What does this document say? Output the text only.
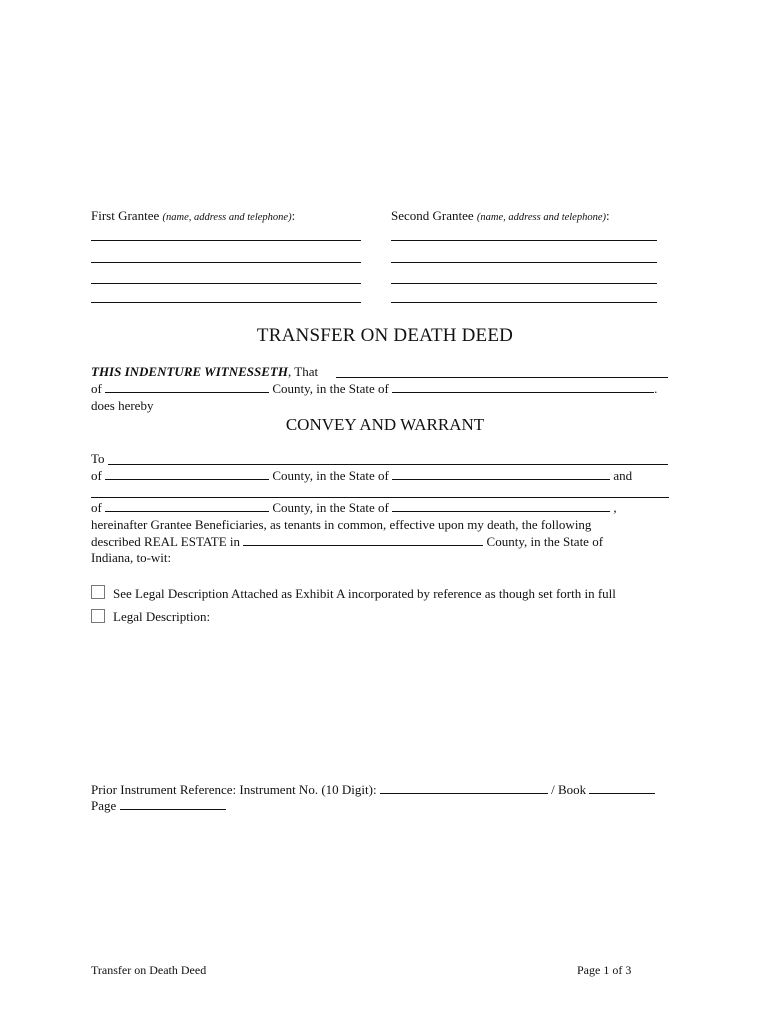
First Grantee (name, address and telephone):	Second Grantee (name, address and telephone):
TRANSFER ON DEATH DEED
THIS INDENTURE WITNESSETH, That
of	County, in the State of	.
does hereby
CONVEY AND WARRANT
To
of	County, in the State of	and
of	County, in the State of	,
hereinafter Grantee Beneficiaries, as tenants in common, effective upon my death, the following
described REAL ESTATE in	County, in the State of
Indiana, to-wit:
See Legal Description Attached as Exhibit A incorporated by reference as though set forth in full
Legal Description:
Prior Instrument Reference: Instrument No. (10 Digit):	/ Book
Page
Transfer on Death Deed	Page 1 of 3
